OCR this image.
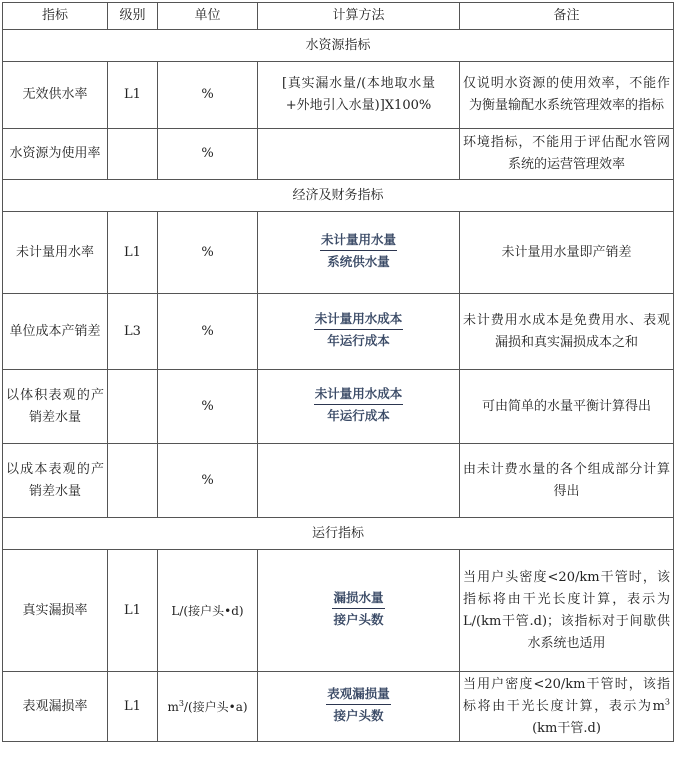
指标	级别	单位	计算方法	备注
水资源指标				
无效供水率	L1	%	[真实漏水量/(本地取水量+外地引入水量)]X100%	仅说明水资源的使用效率，不能作为衡量输配水系统管理效率的指标
水资源为使用率		%		环境指标，不能用于评估配水管网系统的运营管理效率
经济及财务指标				
未计量用水率	L1	%	$\frac{\text{未计量用水量}}{\text{系统供水量}}$	未计量用水量即产销差
单位成本产销差	L3	%	$\frac{\text{未计量用水成本}}{\text{年运行成本}}$	未计费用水成本是免费用水、表观漏损和真实漏损成本之和
以体积表观的产销差水量		%	$\frac{\text{未计量用水成本}}{\text{年运行成本}}$	可由简单的水量平衡计算得出
以成本表观的产销差水量		%		由未计费水量的各个组成部分计算得出
运行指标				
真实漏损率	L1	L/(接户头•d)	$\frac{\text{漏损水量}}{\text{接户头数}}$	当用户头密度<20/km干管时，该指标将由干光长度计算，表示为L/(km干管.d)；该指标对于间歇供水系统也适用
表观漏损率	L1	$m^3/$(接户头•a)	$\frac{\text{表观漏损量}}{\text{接户头数}}$	当用户密度<20/km干管时，该指标将由干光长度计算，表示为$m^3$ (km干管.d)
